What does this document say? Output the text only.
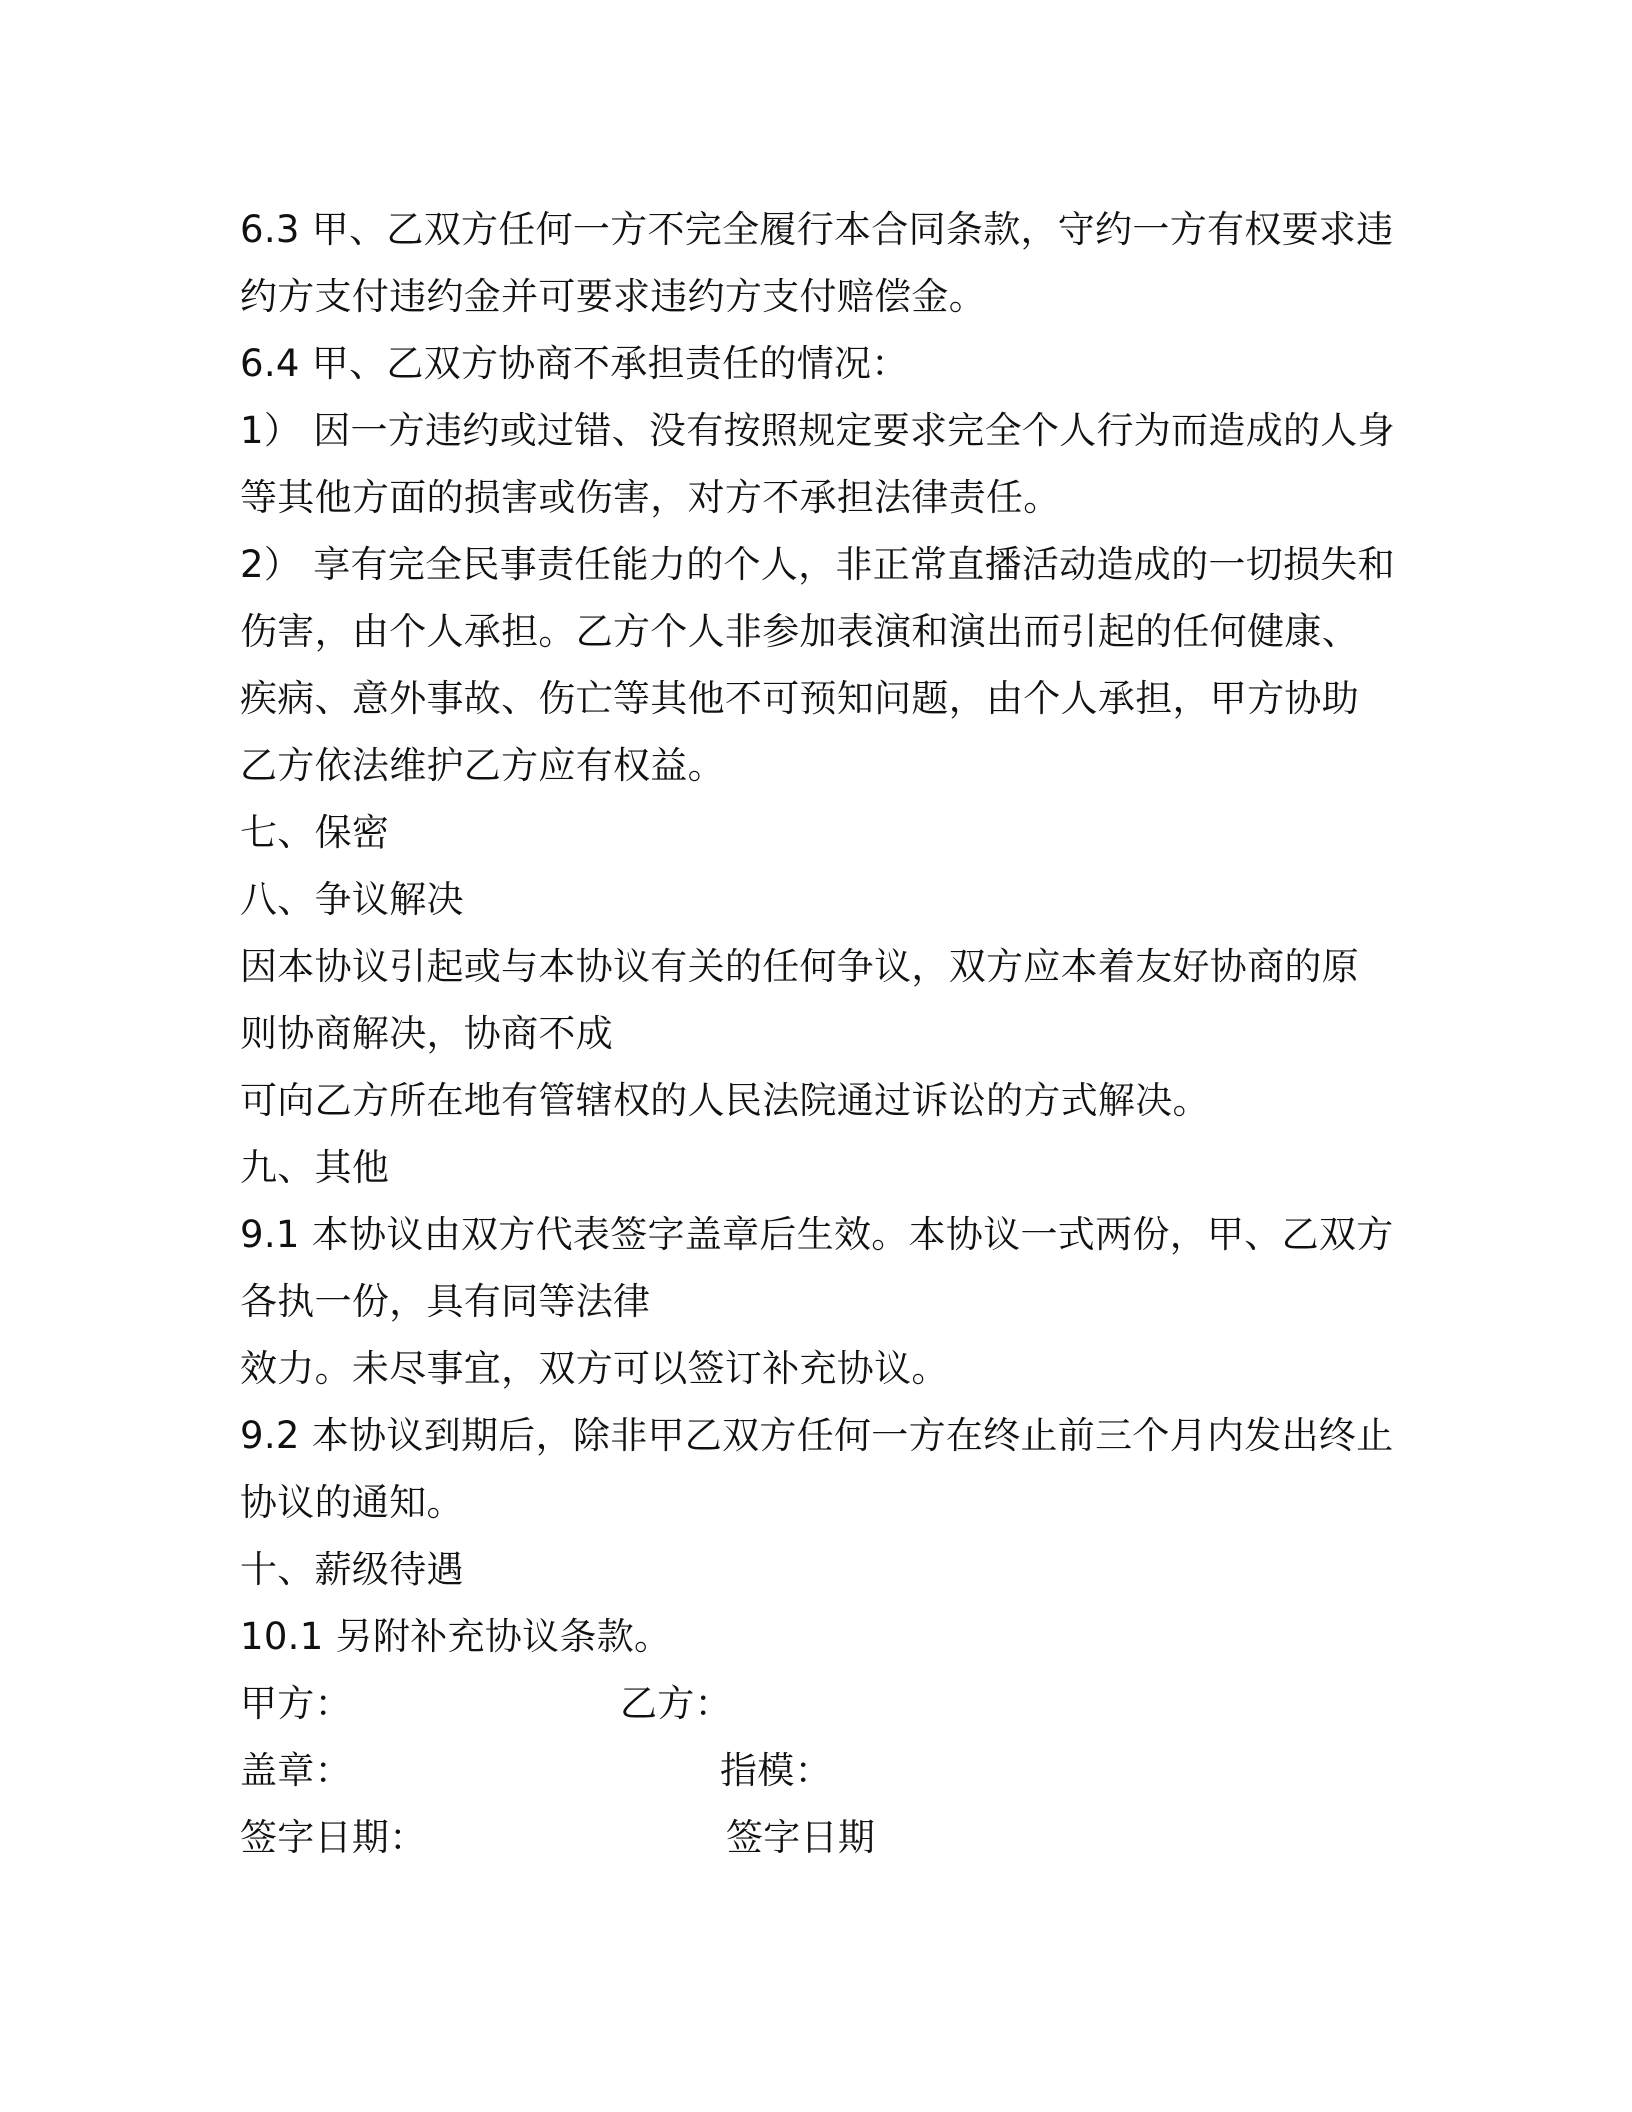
6.3 甲、乙双方任何一方不完全履行本合同条款，守约一方有权要求违
约方支付违约金并可要求违约方支付赔偿金。
6.4 甲、乙双方协商不承担责任的情况：
1） 因一方违约或过错、没有按照规定要求完全个人行为而造成的人身
等其他方面的损害或伤害，对方不承担法律责任。
2） 享有完全民事责任能力的个人，非正常直播活动造成的一切损失和
伤害，由个人承担。乙方个人非参加表演和演出而引起的任何健康、
疾病、意外事故、伤亡等其他不可预知问题，由个人承担，甲方协助
乙方依法维护乙方应有权益。
七、保密
八、争议解决
因本协议引起或与本协议有关的任何争议，双方应本着友好协商的原
则协商解决，协商不成
可向乙方所在地有管辖权的人民法院通过诉讼的方式解决。
九、其他
9.1 本协议由双方代表签字盖章后生效。本协议一式两份，甲、乙双方
各执一份，具有同等法律
效力。未尽事宜，双方可以签订补充协议。
9.2 本协议到期后，除非甲乙双方任何一方在终止前三个月内发出终止
协议的通知。
十、薪级待遇
10.1 另附补充协议条款。
甲方：	乙方：
盖章：	指模：
签字日期：	签字日期
